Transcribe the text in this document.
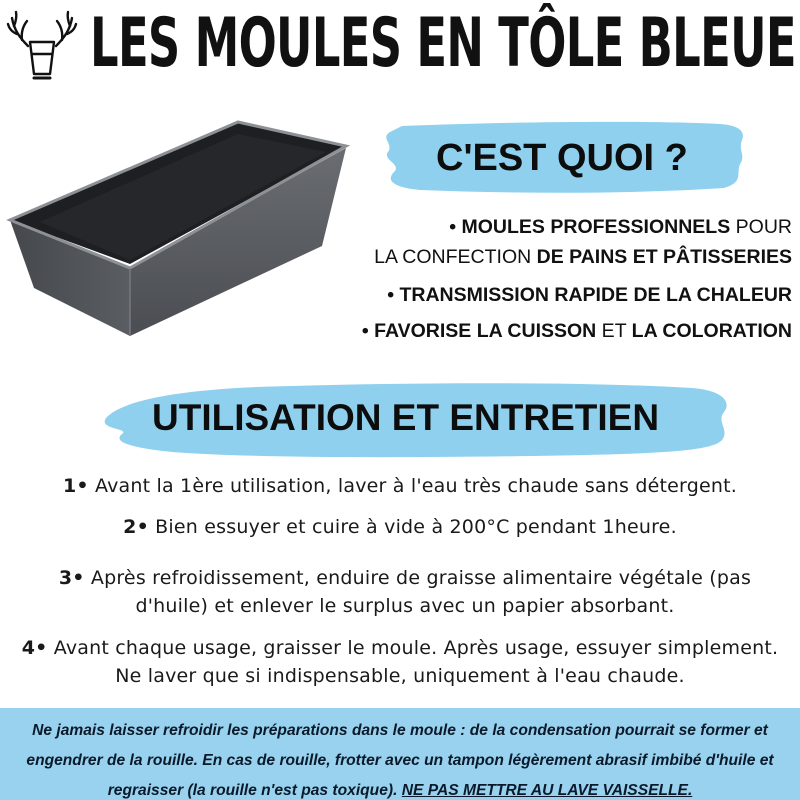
LES MOULES EN TÔLE BLEUE
C'EST QUOI ?
• MOULES PROFESSIONNELS POUR
LA CONFECTION DE PAINS ET PÂTISSERIES
• TRANSMISSION RAPIDE DE LA CHALEUR
• FAVORISE LA CUISSON ET LA COLORATION
UTILISATION ET ENTRETIEN
1• Avant la 1ère utilisation, laver à l'eau très chaude sans détergent.
2• Bien essuyer et cuire à vide à 200°C pendant 1heure.
3• Après refroidissement, enduire de graisse alimentaire végétale (pas d'huile) et enlever le surplus avec un papier absorbant.
4• Avant chaque usage, graisser le moule. Après usage, essuyer simplement. Ne laver que si indispensable, uniquement à l'eau chaude.
Ne jamais laisser refroidir les préparations dans le moule : de la condensation pourrait se former et engendrer de la rouille. En cas de rouille, frotter avec un tampon légèrement abrasif imbibé d'huile et regraisser (la rouille n'est pas toxique). NE PAS METTRE AU LAVE VAISSELLE.
